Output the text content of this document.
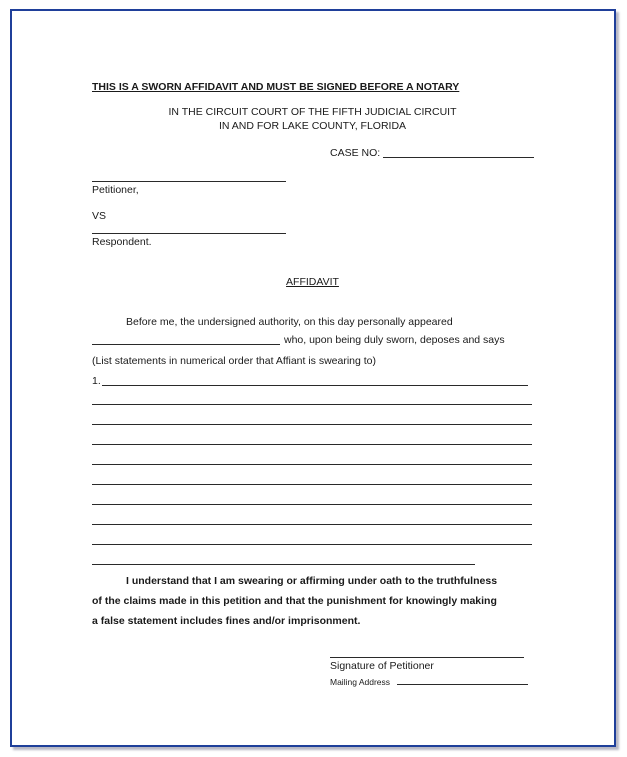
THIS IS A SWORN AFFIDAVIT AND MUST BE SIGNED BEFORE A NOTARY
IN THE CIRCUIT COURT OF THE FIFTH JUDICIAL CIRCUIT
IN AND FOR LAKE COUNTY, FLORIDA
CASE NO:
Petitioner,
VS
Respondent.
AFFIDAVIT
Before me, the undersigned authority, on this day personally appeared
who, upon being duly sworn, deposes and says
(List statements in numerical order that Affiant is swearing to)
1.
I understand that I am swearing or affirming under oath to the truthfulness
of the claims made in this petition and that the punishment for knowingly making
a false statement includes fines and/or imprisonment.
Signature of Petitioner
Mailing Address
